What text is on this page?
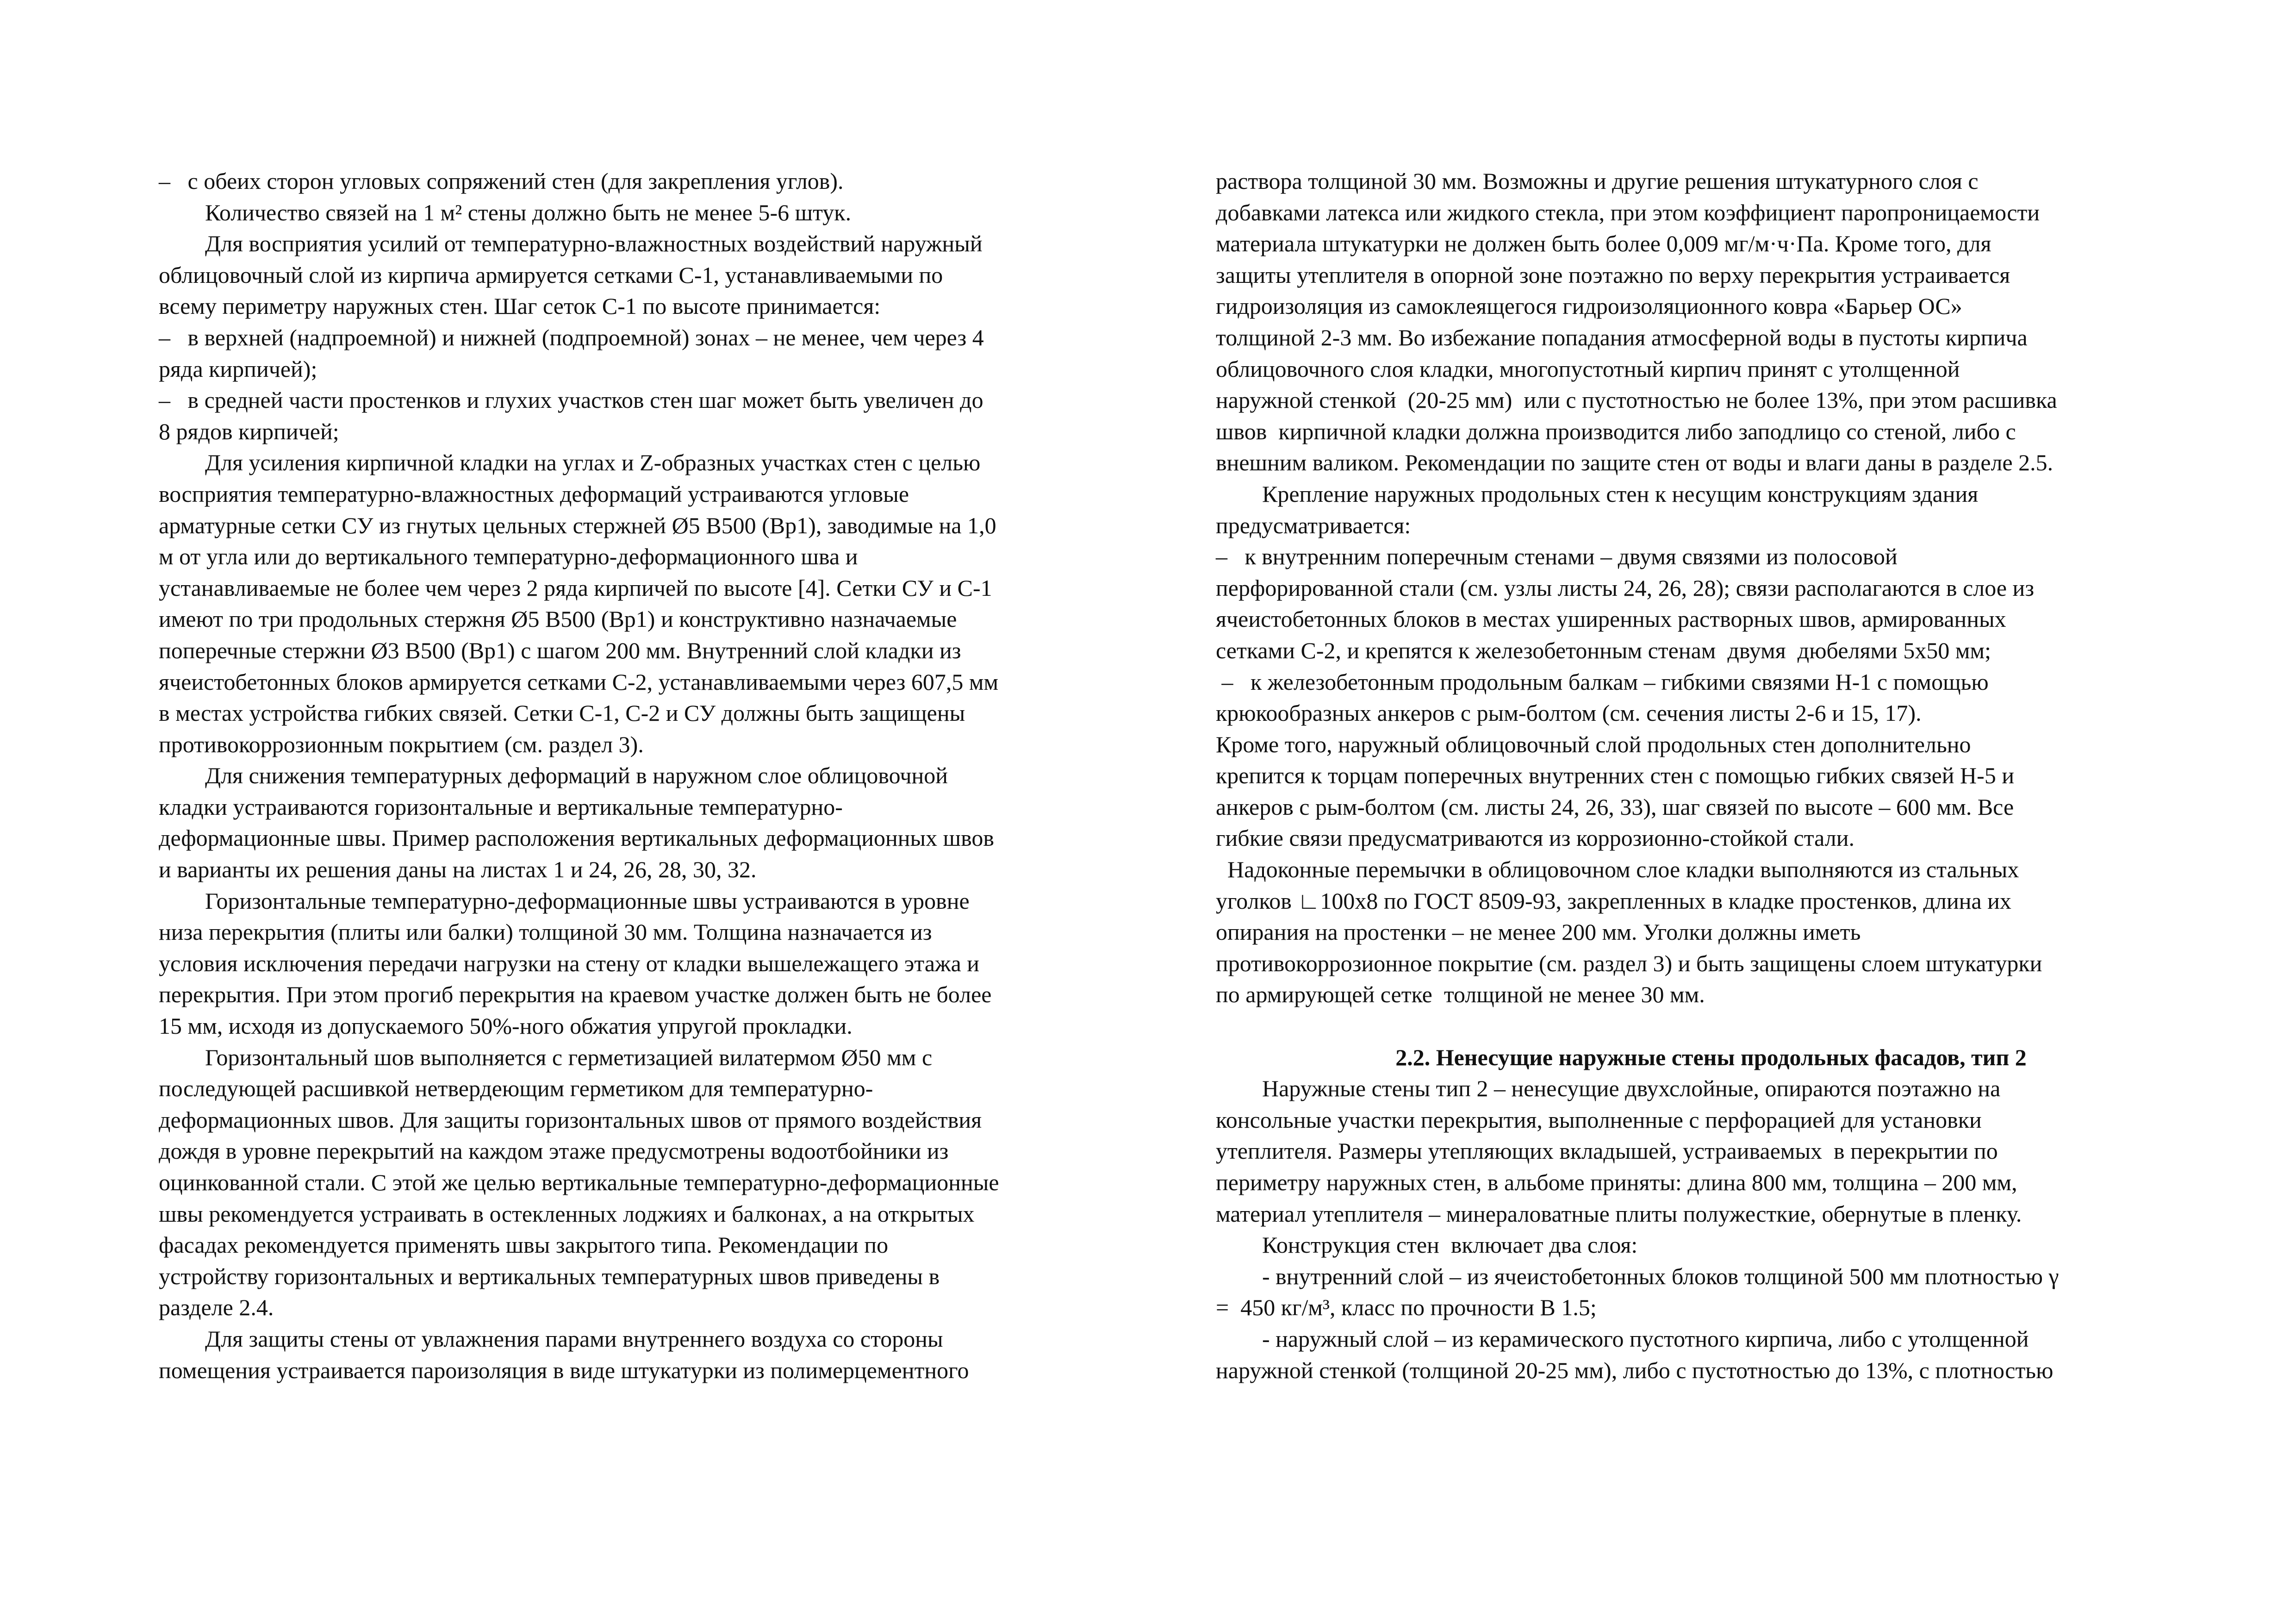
–   с обеих сторон угловых сопряжений стен (для закрепления углов).
Количество связей на 1 м² стены должно быть не менее 5-6 штук.
Для восприятия усилий от температурно-влажностных воздействий наружный
облицовочный слой из кирпича армируется сетками С-1, устанавливаемыми по
всему периметру наружных стен. Шаг сеток С-1 по высоте принимается:
–   в верхней (надпроемной) и нижней (подпроемной) зонах – не менее, чем через 4
ряда кирпичей);
–   в средней части простенков и глухих участков стен шаг может быть увеличен до
8 рядов кирпичей;
Для усиления кирпичной кладки на углах и Z-образных участках стен с целью
восприятия температурно-влажностных деформаций устраиваются угловые
арматурные сетки СУ из гнутых цельных стержней Ø5 В500 (Вр1), заводимые на 1,0
м от угла или до вертикального температурно-деформационного шва и
устанавливаемые не более чем через 2 ряда кирпичей по высоте [4]. Сетки СУ и С-1
имеют по три продольных стержня Ø5 В500 (Вр1) и конструктивно назначаемые
поперечные стержни Ø3 В500 (Вр1) с шагом 200 мм. Внутренний слой кладки из
ячеистобетонных блоков армируется сетками С-2, устанавливаемыми через 607,5 мм
в местах устройства гибких связей. Сетки С-1, С-2 и СУ должны быть защищены
противокоррозионным покрытием (см. раздел 3).
Для снижения температурных деформаций в наружном слое облицовочной
кладки устраиваются горизонтальные и вертикальные температурно-
деформационные швы. Пример расположения вертикальных деформационных швов
и варианты их решения даны на листах 1 и 24, 26, 28, 30, 32.
Горизонтальные температурно-деформационные швы устраиваются в уровне
низа перекрытия (плиты или балки) толщиной 30 мм. Толщина назначается из
условия исключения передачи нагрузки на стену от кладки вышележащего этажа и
перекрытия. При этом прогиб перекрытия на краевом участке должен быть не более
15 мм, исходя из допускаемого 50%-ного обжатия упругой прокладки.
Горизонтальный шов выполняется с герметизацией вилатермом Ø50 мм с
последующей расшивкой нетвердеющим герметиком для температурно-
деформационных швов. Для защиты горизонтальных швов от прямого воздействия
дождя в уровне перекрытий на каждом этаже предусмотрены водоотбойники из
оцинкованной стали. С этой же целью вертикальные температурно-деформационные
швы рекомендуется устраивать в остекленных лоджиях и балконах, а на открытых
фасадах рекомендуется применять швы закрытого типа. Рекомендации по
устройству горизонтальных и вертикальных температурных швов приведены в
разделе 2.4.
Для защиты стены от увлажнения парами внутреннего воздуха со стороны
помещения устраивается пароизоляция в виде штукатурки из полимерцементного
раствора толщиной 30 мм. Возможны и другие решения штукатурного слоя с
добавками латекса или жидкого стекла, при этом коэффициент паропроницаемости
материала штукатурки не должен быть более 0,009 мг/м·ч·Па. Кроме того, для
защиты утеплителя в опорной зоне поэтажно по верху перекрытия устраивается
гидроизоляция из самоклеящегося гидроизоляционного ковра «Барьер ОС»
толщиной 2-3 мм. Во избежание попадания атмосферной воды в пустоты кирпича
облицовочного слоя кладки, многопустотный кирпич принят с утолщенной
наружной стенкой  (20-25 мм)  или с пустотностью не более 13%, при этом расшивка
швов  кирпичной кладки должна производится либо заподлицо со стеной, либо с
внешним валиком. Рекомендации по защите стен от воды и влаги даны в разделе 2.5.
Крепление наружных продольных стен к несущим конструкциям здания
предусматривается:
–   к внутренним поперечным стенами – двумя связями из полосовой
перфорированной стали (см. узлы листы 24, 26, 28); связи располагаются в слое из
ячеистобетонных блоков в местах уширенных растворных швов, армированных
сетками С-2, и крепятся к железобетонным стенам  двумя  дюбелями 5х50 мм;
–   к железобетонным продольным балкам – гибкими связями Н-1 с помощью
крюкообразных анкеров с рым-болтом (см. сечения листы 2-6 и 15, 17).
Кроме того, наружный облицовочный слой продольных стен дополнительно
крепится к торцам поперечных внутренних стен с помощью гибких связей Н-5 и
анкеров с рым-болтом (см. листы 24, 26, 33), шаг связей по высоте – 600 мм. Все
гибкие связи предусматриваются из коррозионно-стойкой стали.
Надоконные перемычки в облицовочном слое кладки выполняются из стальных
уголков ∟100х8 по ГОСТ 8509-93, закрепленных в кладке простенков, длина их
опирания на простенки – не менее 200 мм. Уголки должны иметь
противокоррозионное покрытие (см. раздел 3) и быть защищены слоем штукатурки
по армирующей сетке  толщиной не менее 30 мм.
2.2. Ненесущие наружные стены продольных фасадов, тип 2
Наружные стены тип 2 – ненесущие двухслойные, опираются поэтажно на
консольные участки перекрытия, выполненные с перфорацией для установки
утеплителя. Размеры утепляющих вкладышей, устраиваемых  в перекрытии по
периметру наружных стен, в альбоме приняты: длина 800 мм, толщина – 200 мм,
материал утеплителя – минераловатные плиты полужесткие, обернутые в пленку.
Конструкция стен  включает два слоя:
- внутренний слой – из ячеистобетонных блоков толщиной 500 мм плотностью γ
=  450 кг/м³, класс по прочности В 1.5;
- наружный слой – из керамического пустотного кирпича, либо с утолщенной
наружной стенкой (толщиной 20-25 мм), либо с пустотностью до 13%, с плотностью
